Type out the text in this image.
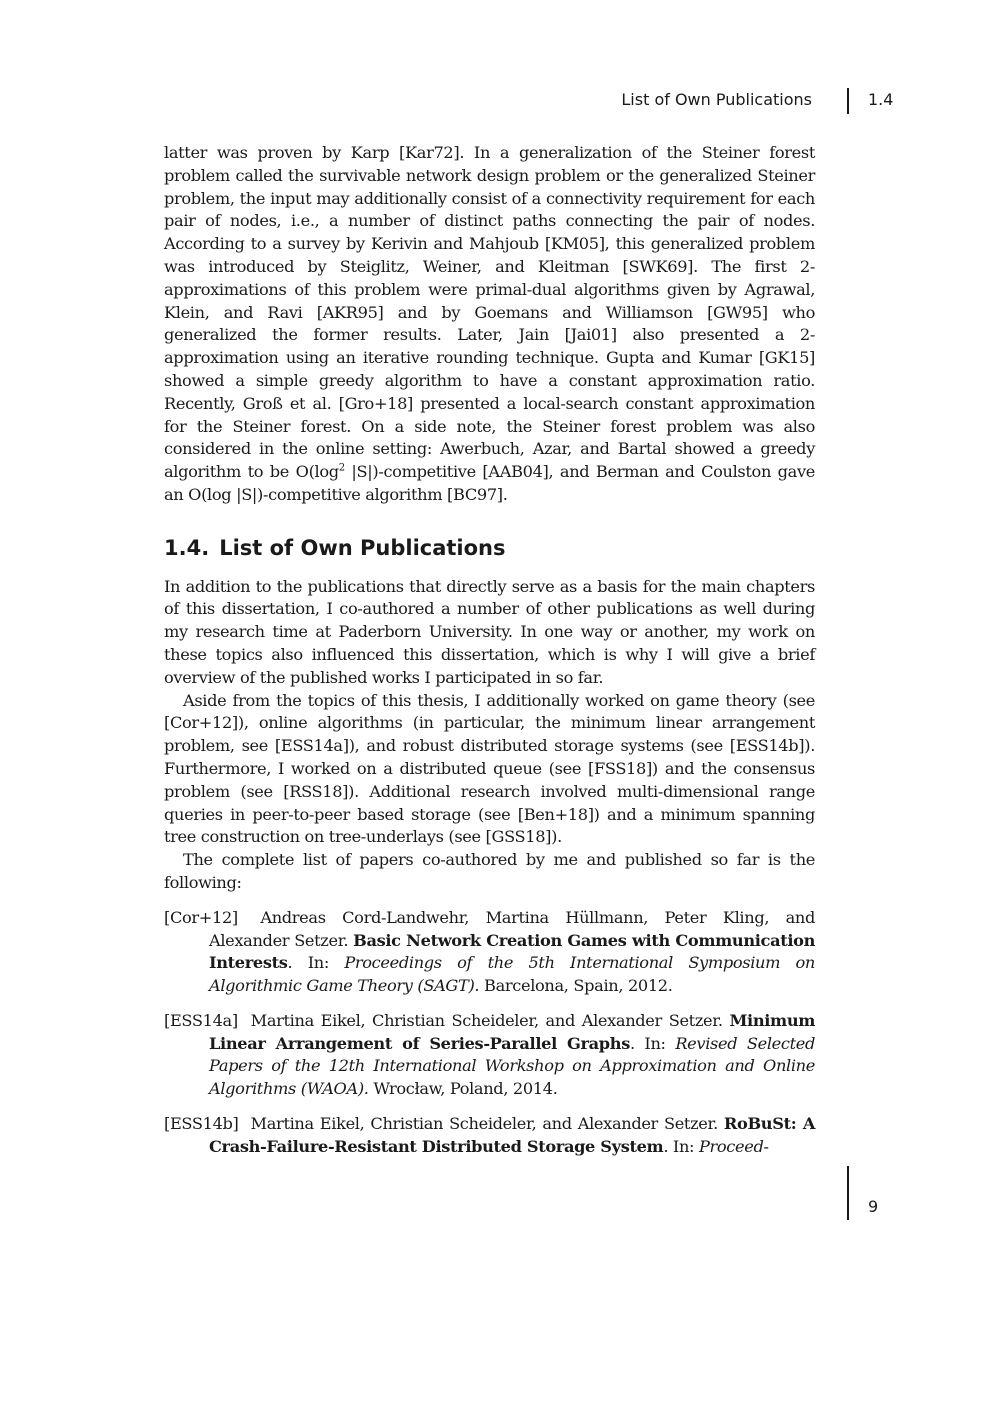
List of Own Publications	1.4

latter was proven by Karp [Kar72]. In a generalization of the Steiner forest problem called the survivable network design problem or the generalized Steiner problem, the input may additionally consist of a connectivity requirement for each pair of nodes, i.e., a number of distinct paths connecting the pair of nodes. According to a survey by Kerivin and Mahjoub [KM05], this generalized problem was introduced by Steiglitz, Weiner, and Kleitman [SWK69]. The first 2-approximations of this problem were primal-dual algorithms given by Agrawal, Klein, and Ravi [AKR95] and by Goemans and Williamson [GW95] who generalized the former results. Later, Jain [Jai01] also presented a 2-approximation using an iterative rounding technique. Gupta and Kumar [GK15] showed a simple greedy algorithm to have a constant approximation ratio. Recently, Groß et al. [Gro+18] presented a local-search constant approximation for the Steiner forest. On a side note, the Steiner forest problem was also considered in the online setting: Awerbuch, Azar, and Bartal showed a greedy algorithm to be $O(\log^2$ |S|)-competitive [AAB04], and Berman and Coulston gave an O(log |S|)-competitive algorithm [BC97].

1.4. List of Own Publications

In addition to the publications that directly serve as a basis for the main chapters of this dissertation, I co-authored a number of other publications as well during my research time at Paderborn University. In one way or another, my work on these topics also influenced this dissertation, which is why I will give a brief overview of the published works I participated in so far.

Aside from the topics of this thesis, I additionally worked on game theory (see [Cor+12]), online algorithms (in particular, the minimum linear arrangement problem, see [ESS14a]), and robust distributed storage systems (see [ESS14b]). Furthermore, I worked on a distributed queue (see [FSS18]) and the consensus problem (see [RSS18]). Additional research involved multi-dimensional range queries in peer-to-peer based storage (see [Ben+18]) and a minimum spanning tree construction on tree-underlays (see [GSS18]).

The complete list of papers co-authored by me and published so far is the following:

[Cor+12] Andreas Cord-Landwehr, Martina Hüllmann, Peter Kling, and Alexander Setzer. Basic Network Creation Games with Communication Interests. In: Proceedings of the 5th International Symposium on Algorithmic Game Theory (SAGT). Barcelona, Spain, 2012.
[ESS14a] Martina Eikel, Christian Scheideler, and Alexander Setzer. Minimum Linear Arrangement of Series-Parallel Graphs. In: Revised Selected Papers of the 12th International Workshop on Approximation and Online Algorithms (WAOA). Wrocław, Poland, 2014.
[ESS14b] Martina Eikel, Christian Scheideler, and Alexander Setzer. RoBuSt: A Crash-Failure-Resistant Distributed Storage System. In: Proceed-
9
